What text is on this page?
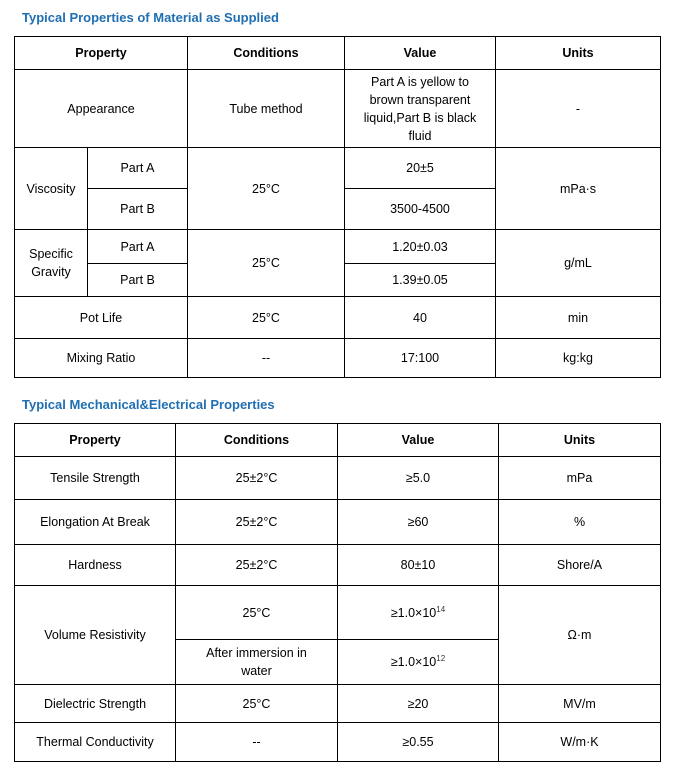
Typical Properties of Material as Supplied
Property		Conditions	Value	Units
Appearance		Tube method	Part A is yellow to brown transparent liquid,Part B is black fluid	-
Viscosity	Part A	25°C	20±5	mPa·s
	Part B		3500-4500	
Specific Gravity	Part A	25°C	1.20±0.03	g/mL
	Part B		1.39±0.05	
Pot Life		25°C	40	min
Mixing Ratio		--	17:100	kg:kg
Typical Mechanical&Electrical Properties
Property	Conditions	Value	Units
Tensile Strength	25±2°C	≥5.0	mPa
Elongation At Break	25±2°C	≥60	%
Hardness	25±2°C	80±10	Shore/A
Volume Resistivity	25°C	$\ge 1.0\times 10^{14}$	Ω·m
	After immersion in water	$\ge 1.0\times 10^{12}$
Dielectric Strength	25°C	≥20	MV/m
Thermal Conductivity	--	≥0.55	W/m·K
